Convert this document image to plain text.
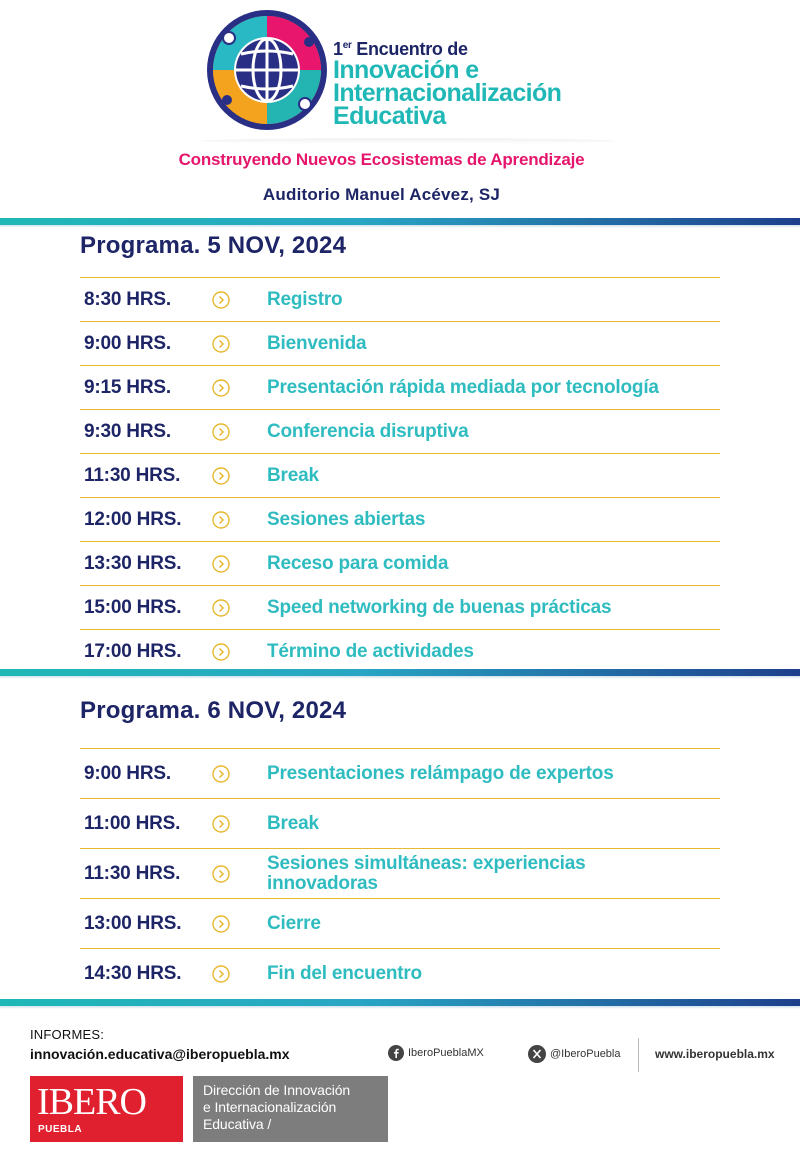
1er Encuentro de
Innovación e
Internacionalización
Educativa
Construyendo Nuevos Ecosistemas de Aprendizaje
Auditorio Manuel Acévez, SJ
Programa. 5 NOV, 2024
8:30 HRS.	Registro
9:00 HRS.	Bienvenida
9:15 HRS.	Presentación rápida mediada por tecnología
9:30 HRS.	Conferencia disruptiva
11:30 HRS.	Break
12:00 HRS.	Sesiones abiertas
13:30 HRS.	Receso para comida
15:00 HRS.	Speed networking de buenas prácticas
17:00 HRS.	Término de actividades
Programa. 6 NOV, 2024
9:00 HRS.	Presentaciones relámpago de expertos
11:00 HRS.	Break
11:30 HRS.	Sesiones simultáneas: experiencias innovadoras
13:00 HRS.	Cierre
14:30 HRS.	Fin del encuentro
INFORMES:
innovación.educativa@iberopuebla.mx	IberoPueblaMX	@IberoPuebla	www.iberopuebla.mx
IBERO
PUEBLA
Dirección de Innovación
e Internacionalización
Educativa /
